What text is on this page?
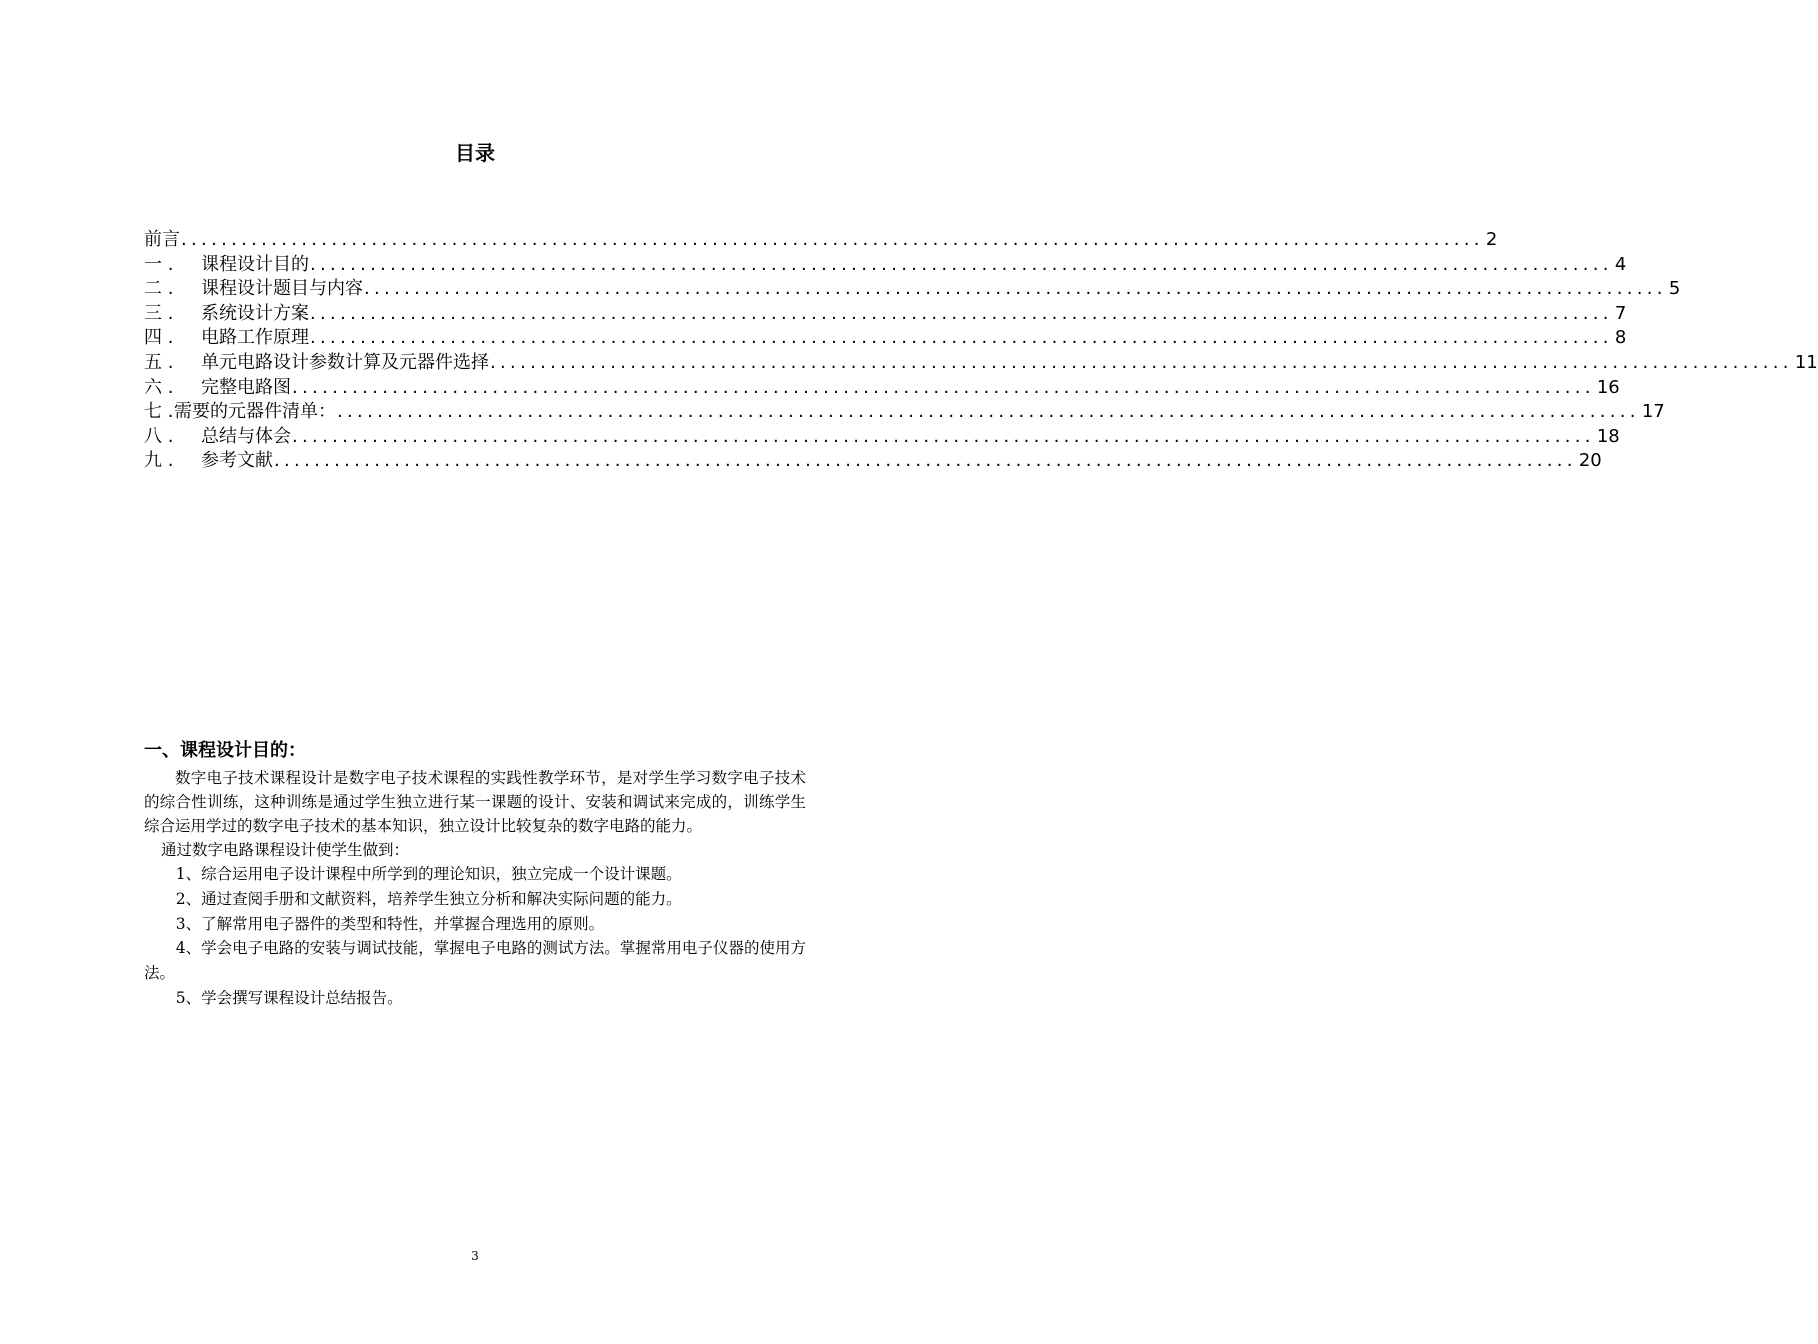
目录
前言 .................................................................................................................................. 2
一 .	课程设计目的 .................................................................................................................................. 4
二 .	课程设计题目与内容 .................................................................................................................................. 5
三 .	系统设计方案 .................................................................................................................................. 7
四 .	电路工作原理 .................................................................................................................................. 8
五 .	单元电路设计参数计算及元器件选择 .................................................................................................................................. 11
六 .	完整电路图 .................................................................................................................................. 16
七 . 需要的元器件清单： .................................................................................................................................. 17
八 .	总结与体会 .................................................................................................................................. 18
九 .	参考文献 .................................................................................................................................. 20
一、课程设计目的：

数字电子技术课程设计是数字电子技术课程的实践性教学环节，是对学生学习数字电子技术的综合性训练，这种训练是通过学生独立进行某一课题的设计、安装和调试来完成的，训练学生综合运用学过的数字电子技术的基本知识，独立设计比较复杂的数字电路的能力。

通过数字电路课程设计使学生做到：

1、综合运用电子设计课程中所学到的理论知识，独立完成一个设计课题。

2、通过查阅手册和文献资料，培养学生独立分析和解决实际问题的能力。

3、了解常用电子器件的类型和特性，并掌握合理选用的原则。

4、学会电子电路的安装与调试技能，掌握电子电路的测试方法。掌握常用电子仪器的使用方法。

5、学会撰写课程设计总结报告。

3
